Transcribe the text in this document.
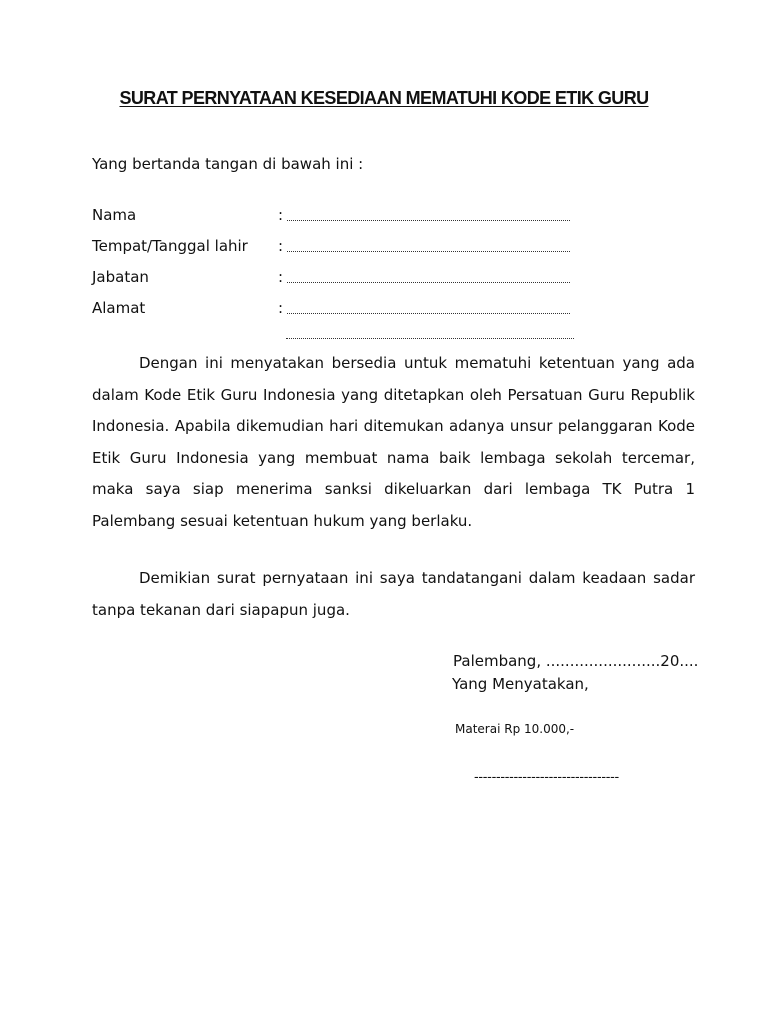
SURAT PERNYATAAN KESEDIAAN MEMATUHI KODE ETIK GURU
Yang bertanda tangan di bawah ini :
Nama	:
Tempat/Tanggal lahir :
Jabatan	:
Alamat	:

Dengan ini menyatakan bersedia untuk mematuhi ketentuan yang ada dalam Kode Etik Guru Indonesia yang ditetapkan oleh Persatuan Guru Republik Indonesia. Apabila dikemudian hari ditemukan adanya unsur pelanggaran Kode Etik Guru Indonesia yang membuat nama baik lembaga sekolah tercemar, maka saya siap menerima sanksi dikeluarkan dari lembaga TK Putra 1 Palembang sesuai ketentuan hukum yang berlaku.

Demikian surat pernyataan ini saya tandatangani dalam keadaan sadar tanpa tekanan dari siapapun juga.

Palembang, ........................20....
Yang Menyatakan,
Materai Rp 10.000,-
---------------------------------
